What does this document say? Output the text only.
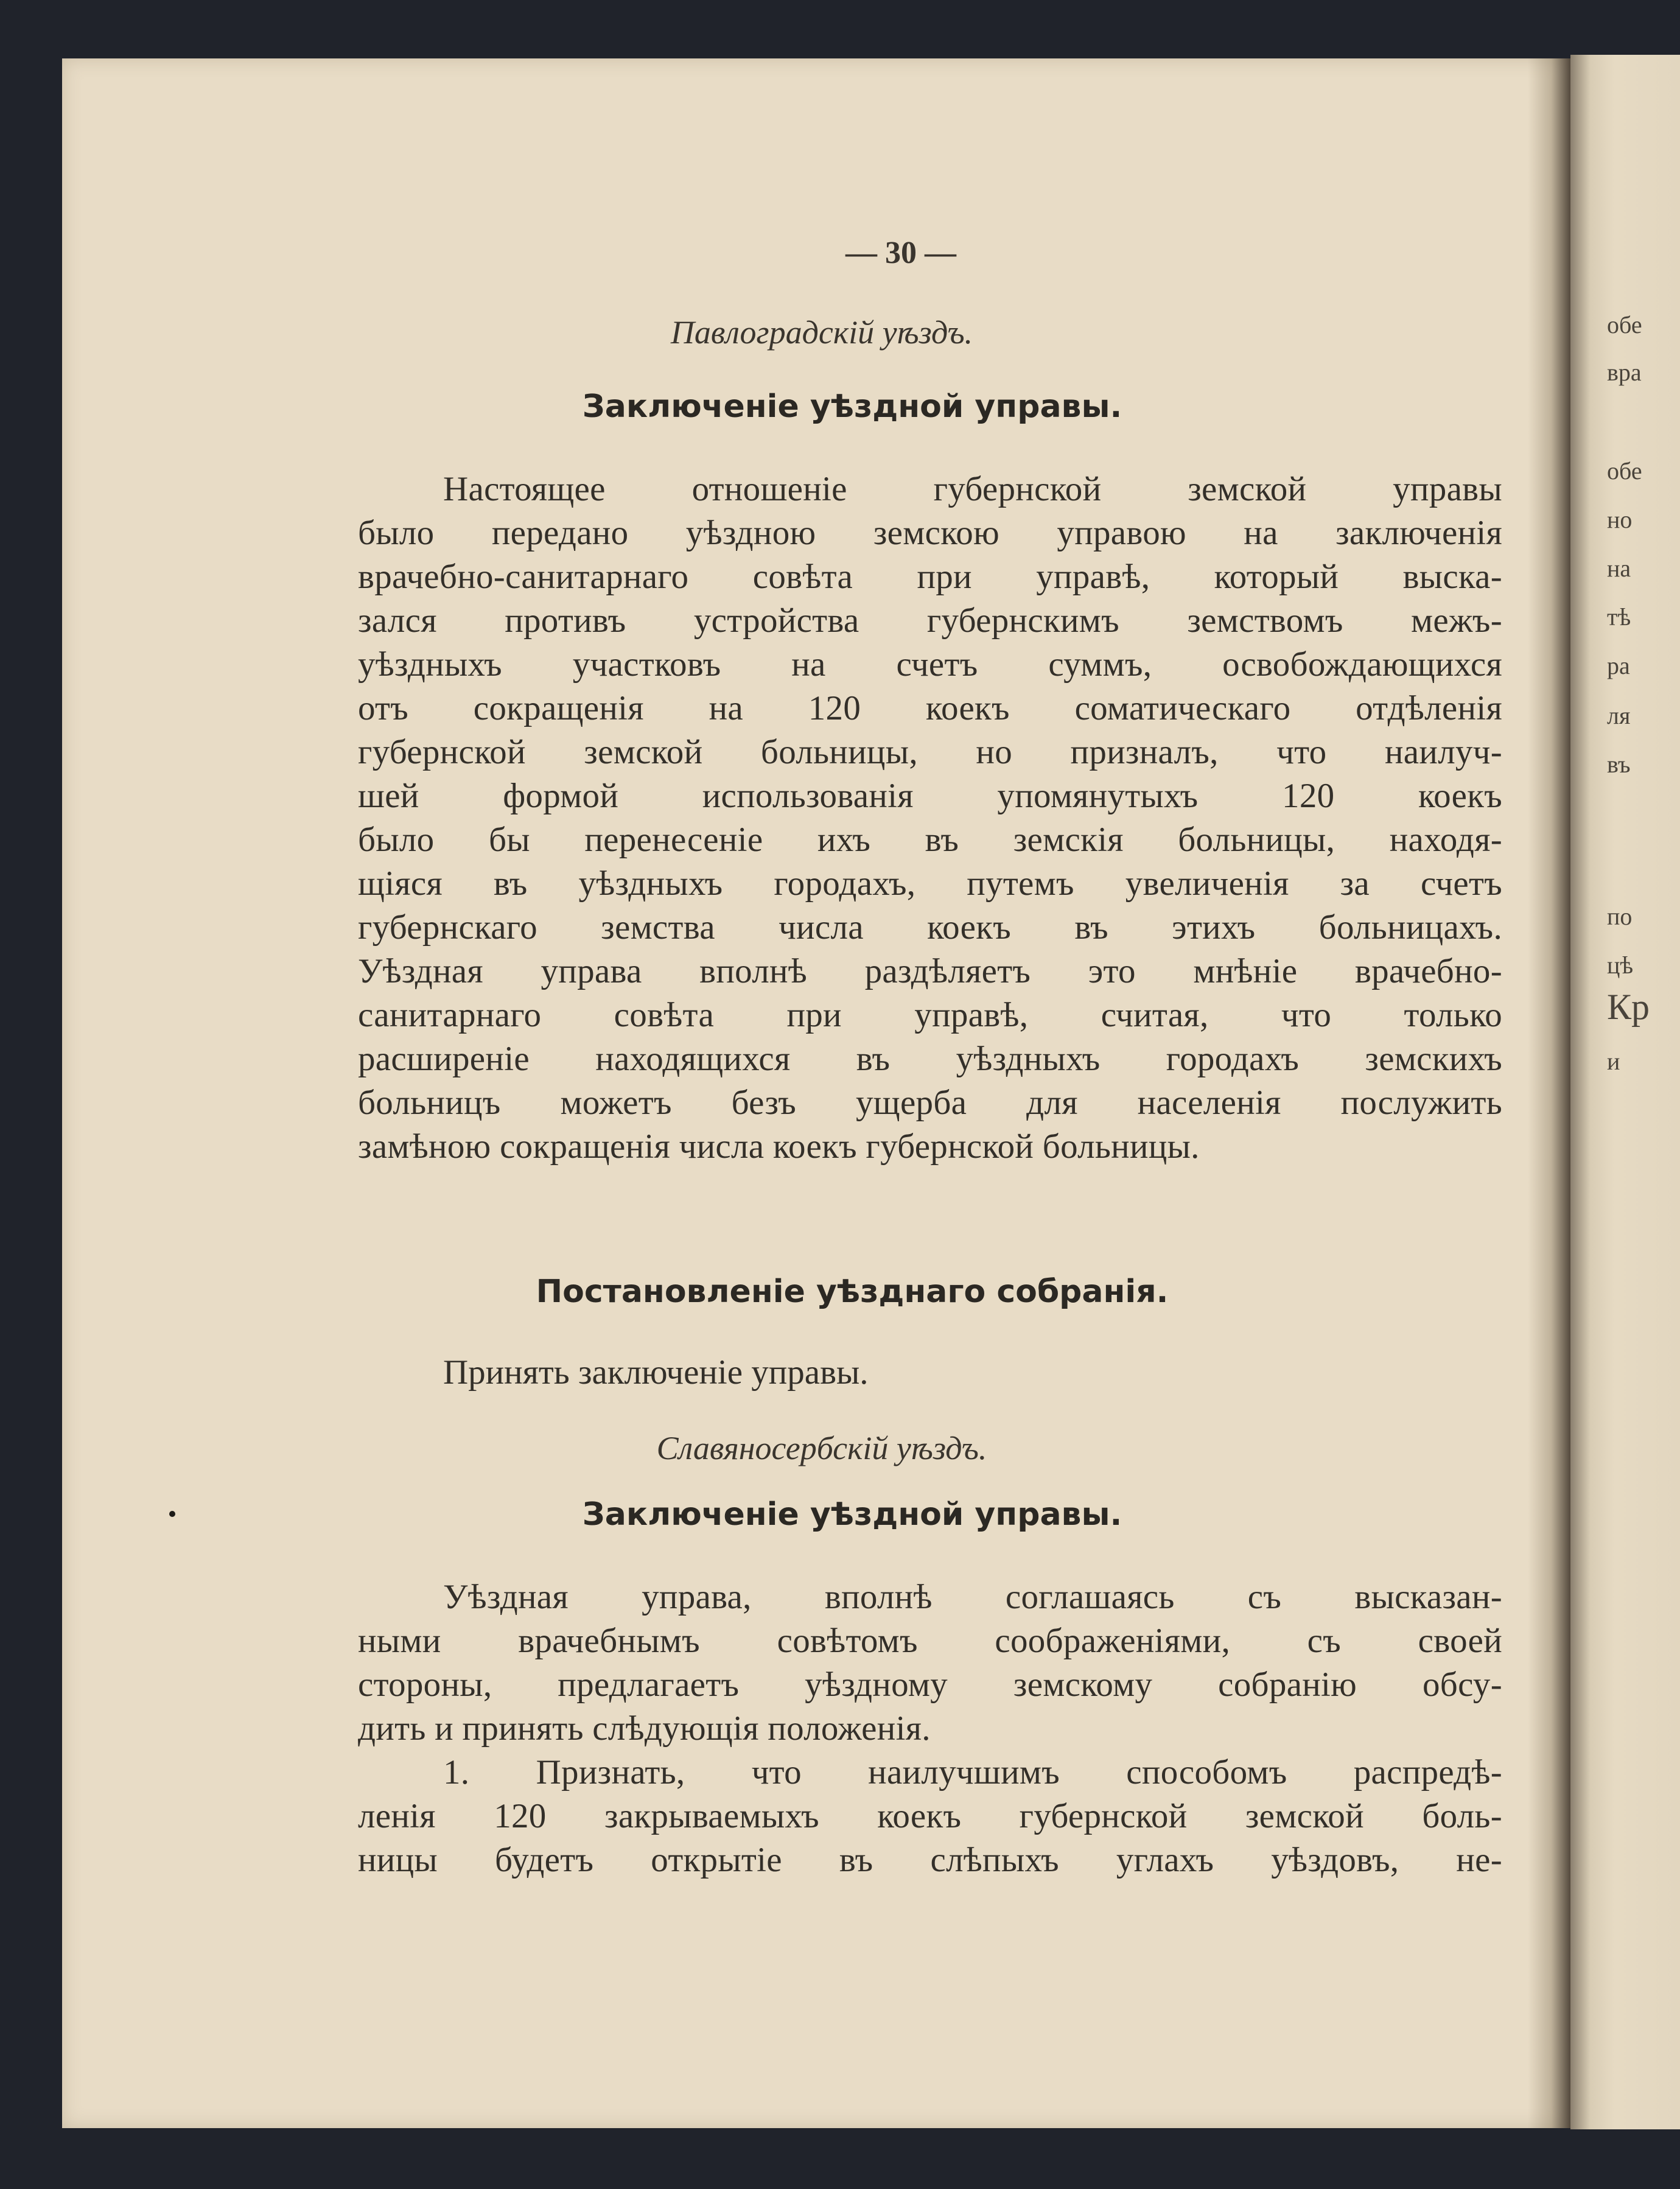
обе
вра
обе
но
на
тѣ
ра
ля
въ
по
цѣ
Кр
и
— 30 —
Павлоградскій уѣздъ.
Заключеніе уѣздной управы.
Настоящее отношеніе губернской земской управы
было передано уѣздною земскою управою на заключенія
врачебно-санитарнаго совѣта при управѣ, который выска-
зался противъ устройства губернскимъ земствомъ межъ-
уѣздныхъ участковъ на счетъ суммъ, освобождающихся
отъ сокращенія на 120 коекъ соматическаго отдѣленія
губернской земской больницы, но призналъ, что наилуч-
шей формой использованія упомянутыхъ 120 коекъ
было бы перенесеніе ихъ въ земскія больницы, находя-
щіяся въ уѣздныхъ городахъ, путемъ увеличенія за счетъ
губернскаго земства числа коекъ въ этихъ больницахъ.
Уѣздная управа вполнѣ раздѣляетъ это мнѣніе врачебно-
санитарнаго совѣта при управѣ, считая, что только
расширеніе находящихся въ уѣздныхъ городахъ земскихъ
больницъ можетъ безъ ущерба для населенія послужить
замѣною сокращенія числа коекъ губернской больницы.
Постановленіе уѣзднаго собранія.
Принять заключеніе управы.
Славяносербскій уѣздъ.
Заключеніе уѣздной управы.
Уѣздная управа, вполнѣ соглашаясь съ высказан-
ными врачебнымъ совѣтомъ соображеніями, съ своей
стороны, предлагаетъ уѣздному земскому собранію обсу-
дить и принять слѣдующія положенія.
1. Признать, что наилучшимъ способомъ распредѣ-
ленія 120 закрываемыхъ коекъ губернской земской боль-
ницы будетъ открытіе въ слѣпыхъ углахъ уѣздовъ, не-
